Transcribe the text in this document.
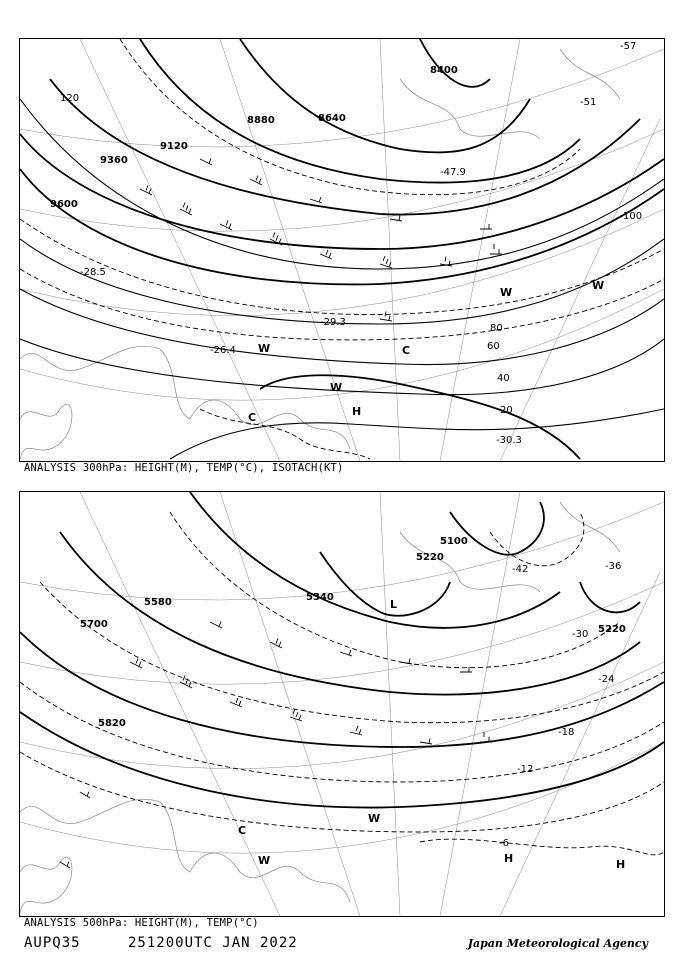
9600
9360
9120
8880	8640
8400
120
100
80
60
40
20
-30.3
-26.4
-28.5
-29.3
-47.9
-51
-57
H
C
C
W
W
W
W
ANALYSIS 300hPa: HEIGHT(M), TEMP(°C), ISOTACH(KT)
5820
5700
5580	5340
5220
5100
5220
-42	-36
-30
-24
-18
-12
-6
H	H
L
C
W
W
ANALYSIS 500hPa: HEIGHT(M), TEMP(°C)
AUPQ35	251200UTC JAN 2022	Japan Meteorological Agency
